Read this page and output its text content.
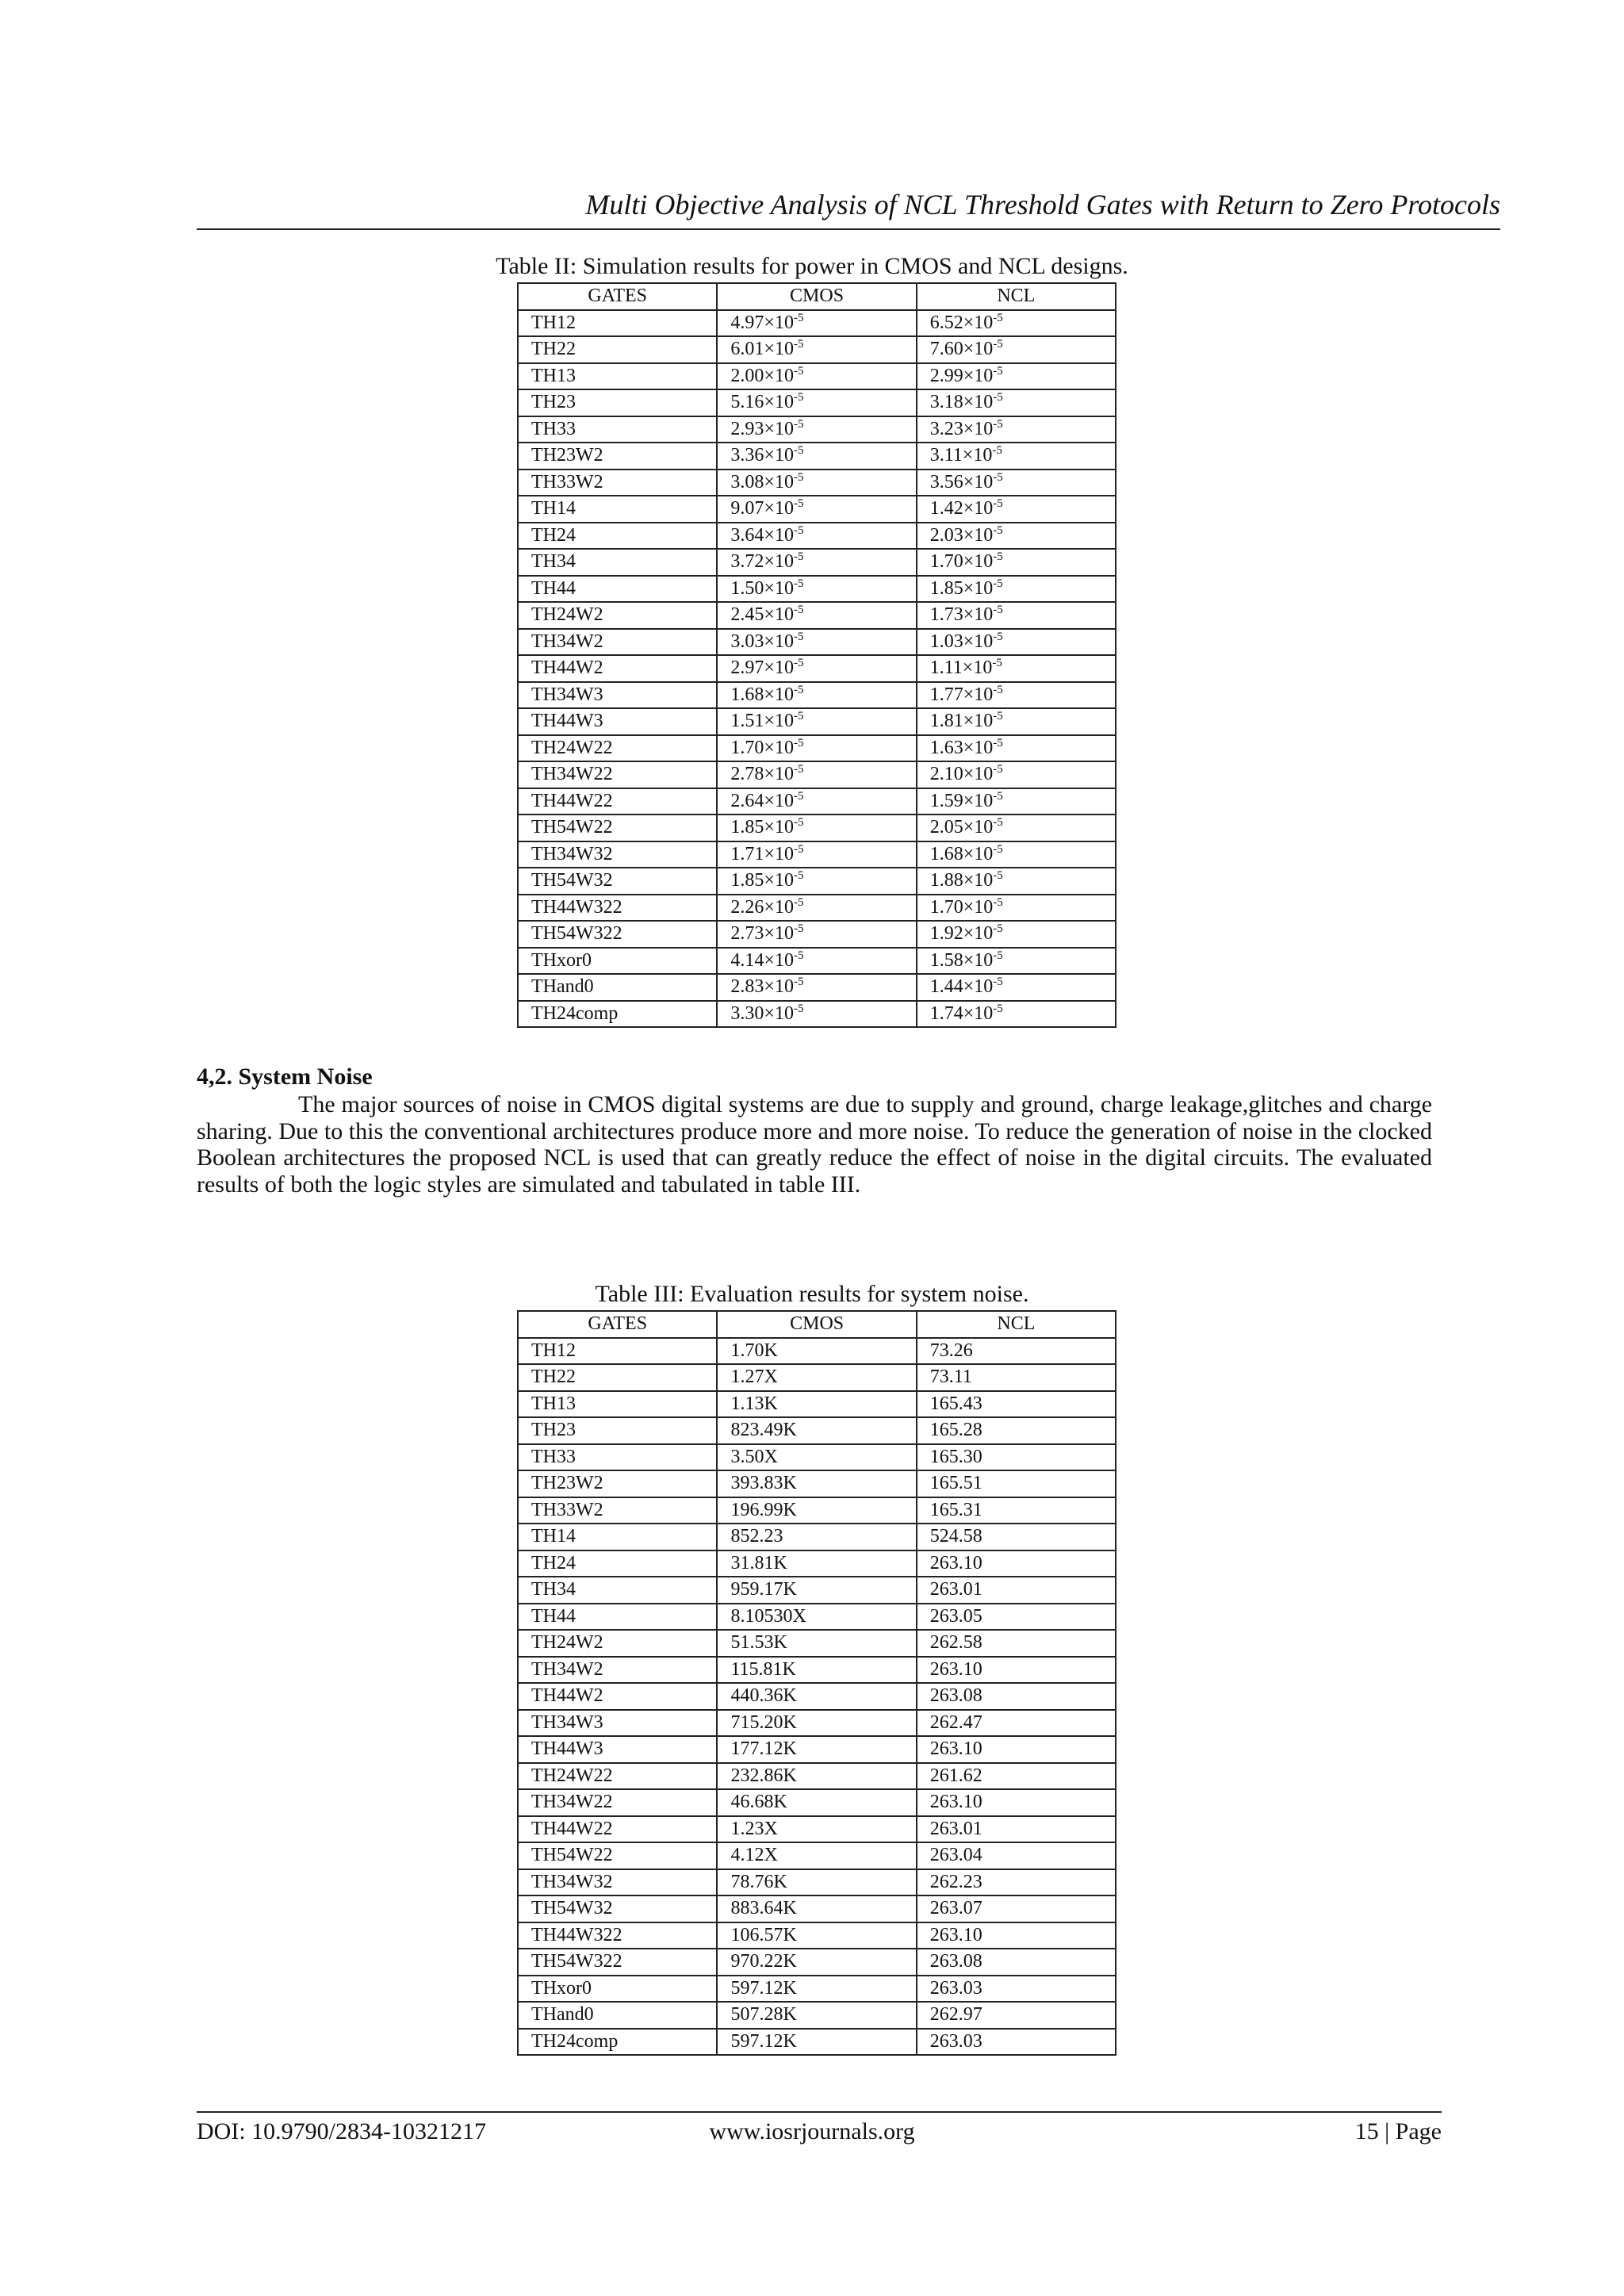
Multi Objective Analysis of NCL Threshold Gates with Return to Zero Protocols
Table II: Simulation results for power in CMOS and NCL designs.
GATES	CMOS	NCL
TH12	$4.97\times 10^{-5}$	$6.52\times 10^{-5}$
TH22	$6.01\times 10^{-5}$	$7.60\times 10^{-5}$
TH13	$2.00\times 10^{-5}$	$2.99\times 10^{-5}$
TH23	$5.16\times 10^{-5}$	$3.18\times 10^{-5}$
TH33	$2.93\times 10^{-5}$	$3.23\times 10^{-5}$
TH23W2	$3.36\times 10^{-5}$	$3.11\times 10^{-5}$
TH33W2	$3.08\times 10^{-5}$	$3.56\times 10^{-5}$
TH14	$9.07\times 10^{-5}$	$1.42\times 10^{-5}$
TH24	$3.64\times 10^{-5}$	$2.03\times 10^{-5}$
TH34	$3.72\times 10^{-5}$	$1.70\times 10^{-5}$
TH44	$1.50\times 10^{-5}$	$1.85\times 10^{-5}$
TH24W2	$2.45\times 10^{-5}$	$1.73\times 10^{-5}$
TH34W2	$3.03\times 10^{-5}$	$1.03\times 10^{-5}$
TH44W2	$2.97\times 10^{-5}$	$1.11\times 10^{-5}$
TH34W3	$1.68\times 10^{-5}$	$1.77\times 10^{-5}$
TH44W3	$1.51\times 10^{-5}$	$1.81\times 10^{-5}$
TH24W22	$1.70\times 10^{-5}$	$1.63\times 10^{-5}$
TH34W22	$2.78\times 10^{-5}$	$2.10\times 10^{-5}$
TH44W22	$2.64\times 10^{-5}$	$1.59\times 10^{-5}$
TH54W22	$1.85\times 10^{-5}$	$2.05\times 10^{-5}$
TH34W32	$1.71\times 10^{-5}$	$1.68\times 10^{-5}$
TH54W32	$1.85\times 10^{-5}$	$1.88\times 10^{-5}$
TH44W322	$2.26\times 10^{-5}$	$1.70\times 10^{-5}$
TH54W322	$2.73\times 10^{-5}$	$1.92\times 10^{-5}$
THxor0	$4.14\times 10^{-5}$	$1.58\times 10^{-5}$
THand0	$2.83\times 10^{-5}$	$1.44\times 10^{-5}$
TH24comp	$3.30\times 10^{-5}$	$1.74\times 10^{-5}$
4,2. System Noise
The major sources of noise in CMOS digital systems are due to supply and ground, charge leakage,glitches and charge sharing. Due to this the conventional architectures produce more and more noise. To reduce the generation of noise in the clocked Boolean architectures the proposed NCL is used that can greatly reduce the effect of noise in the digital circuits. The evaluated results of both the logic styles are simulated and tabulated in table III.
Table III: Evaluation results for system noise.
GATES	CMOS	NCL
TH12	1.70K	73.26
TH22	1.27X	73.11
TH13	1.13K	165.43
TH23	823.49K	165.28
TH33	3.50X	165.30
TH23W2	393.83K	165.51
TH33W2	196.99K	165.31
TH14	852.23	524.58
TH24	31.81K	263.10
TH34	959.17K	263.01
TH44	8.10530X	263.05
TH24W2	51.53K	262.58
TH34W2	115.81K	263.10
TH44W2	440.36K	263.08
TH34W3	715.20K	262.47
TH44W3	177.12K	263.10
TH24W22	232.86K	261.62
TH34W22	46.68K	263.10
TH44W22	1.23X	263.01
TH54W22	4.12X	263.04
TH34W32	78.76K	262.23
TH54W32	883.64K	263.07
TH44W322	106.57K	263.10
TH54W322	970.22K	263.08
THxor0	597.12K	263.03
THand0	507.28K	262.97
TH24comp	597.12K	263.03
DOI: 10.9790/2834-10321217	www.iosrjournals.org	15 | Page
